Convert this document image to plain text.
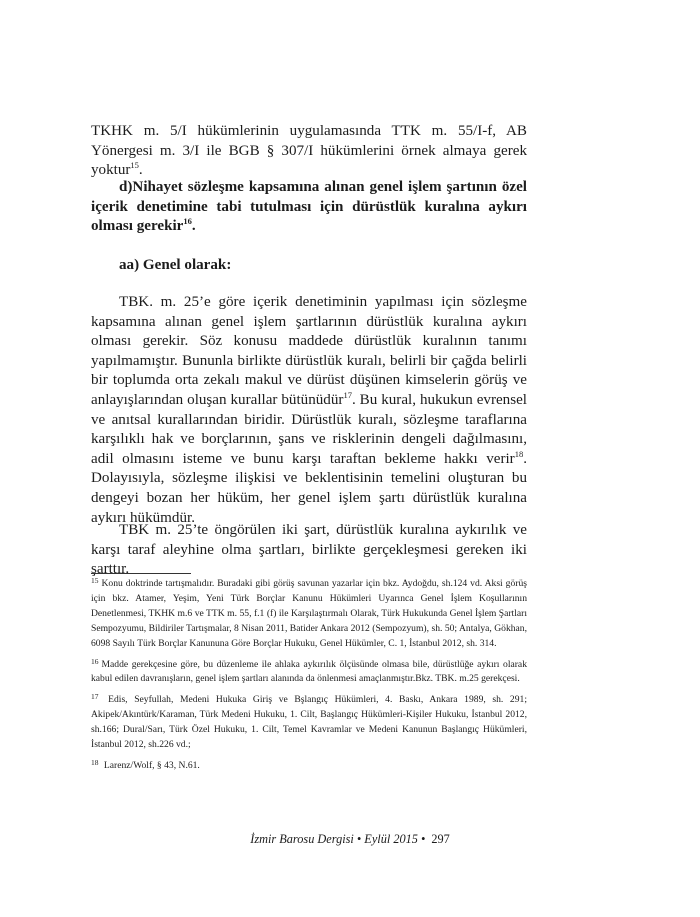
TKHK m. 5/I hükümlerinin uygulamasında TTK m. 55/I-f, AB Yönergesi m. 3/I ile BGB § 307/I hükümlerini örnek almaya gerek yoktur$^{15}$.

d)Nihayet sözleşme kapsamına alınan genel işlem şartının özel içerik denetimine tabi tutulması için dürüstlük kuralına aykırı olması gerekir$^{16}$.

aa) Genel olarak:

TBK. m. 25’e göre içerik denetiminin yapılması için sözleşme kapsamına alınan genel işlem şartlarının dürüstlük kuralına aykırı olması gerekir. Söz konusu maddede dürüstlük kuralının tanımı yapılmamıştır. Bununla birlikte dürüstlük kuralı, belirli bir çağda belirli bir toplumda orta zekalı makul ve dürüst düşünen kimselerin görüş ve anlayışlarından oluşan kurallar bütünüdür$^{17}$. Bu kural, hukukun evrensel ve anıtsal kurallarından biridir. Dürüstlük kuralı, sözleşme taraflarına karşılıklı hak ve borçlarının, şans ve risklerinin dengeli dağılmasını, adil olmasını isteme ve bunu karşı taraftan bekleme hakkı verir$^{18}$. Dolayısıyla, sözleşme ilişkisi ve beklentisinin temelini oluşturan bu dengeyi bozan her hüküm, her genel işlem şartı dürüstlük kuralına aykırı hükümdür.

TBK m. 25’te öngörülen iki şart, dürüstlük kuralına aykırılık ve karşı taraf aleyhine olma şartları, birlikte gerçekleşmesi gereken iki şarttır.

$^{15}$ Konu doktrinde tartışmalıdır. Buradaki gibi görüş savunan yazarlar için bkz. Aydoğdu, sh.124 vd. Aksi görüş için bkz. Atamer, Yeşim, Yeni Türk Borçlar Kanunu Hükümleri Uyarınca Genel İşlem Koşullarının Denetlenmesi, TKHK m.6 ve TTK m. 55, f.1 (f) ile Karşılaştırmalı Olarak, Türk Hukukunda Genel İşlem Şartları Sempozyumu, Bildiriler Tartışmalar, 8 Nisan 2011, Batider Ankara 2012 (Sempozyum), sh. 50; Antalya, Gökhan, 6098 Sayılı Türk Borçlar Kanununa Göre Borçlar Hukuku, Genel Hükümler, C. 1, İstanbul 2012, sh. 314.

$^{16}$ Madde gerekçesine göre, bu düzenleme ile ahlaka aykırılık ölçüsünde olmasa bile, dürüstlüğe aykırı olarak kabul edilen davranışların, genel işlem şartları alanında da önlenmesi amaçlanmıştır.Bkz. TBK. m.25 gerekçesi.

$^{17}$ Edis, Seyfullah, Medeni Hukuka Giriş ve Bşlangıç Hükümleri, 4. Baskı, Ankara 1989, sh. 291; Akipek/Akıntürk/Karaman, Türk Medeni Hukuku, 1. Cilt, Başlangıç Hükümleri-Kişiler Hukuku, İstanbul 2012, sh.166; Dural/Sarı, Türk Özel Hukuku, 1. Cilt, Temel Kavramlar ve Medeni Kanunun Başlangıç Hükümleri, İstanbul 2012, sh.226 vd.;

$^{18}$ Larenz/Wolf, § 43, N.61.

İzmir Barosu Dergisi • Eylül 2015 • 297
